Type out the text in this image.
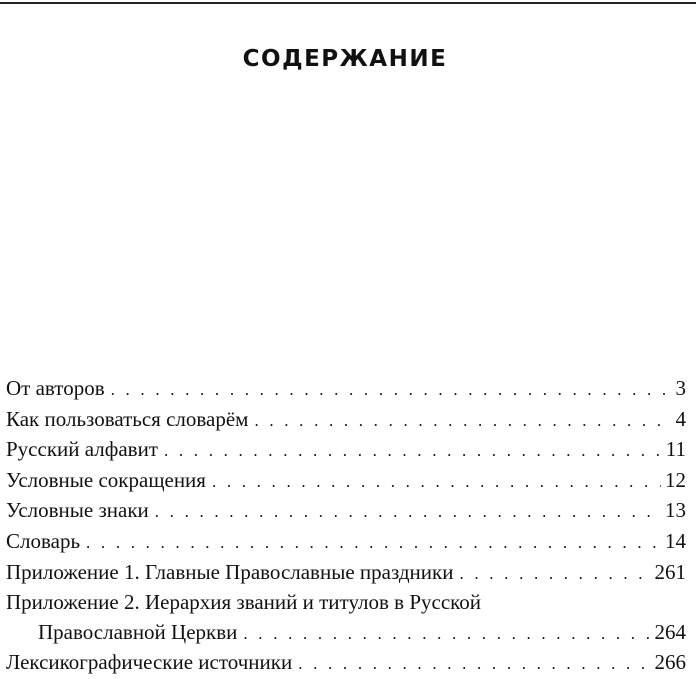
СОДЕРЖАНИЕ
От авторов . . .	3
Как пользоваться словарём . . .	4
Русский алфавит . . .	11
Условные сокращения . . .	12
Условные знаки . . .	13
Словарь . . .	14
Приложение 1. Главные Православные праздники . . .	261
Приложение 2. Иерархия званий и титулов в Русской
Православной Церкви . . .	264
Лексикографические источники . . .	266
